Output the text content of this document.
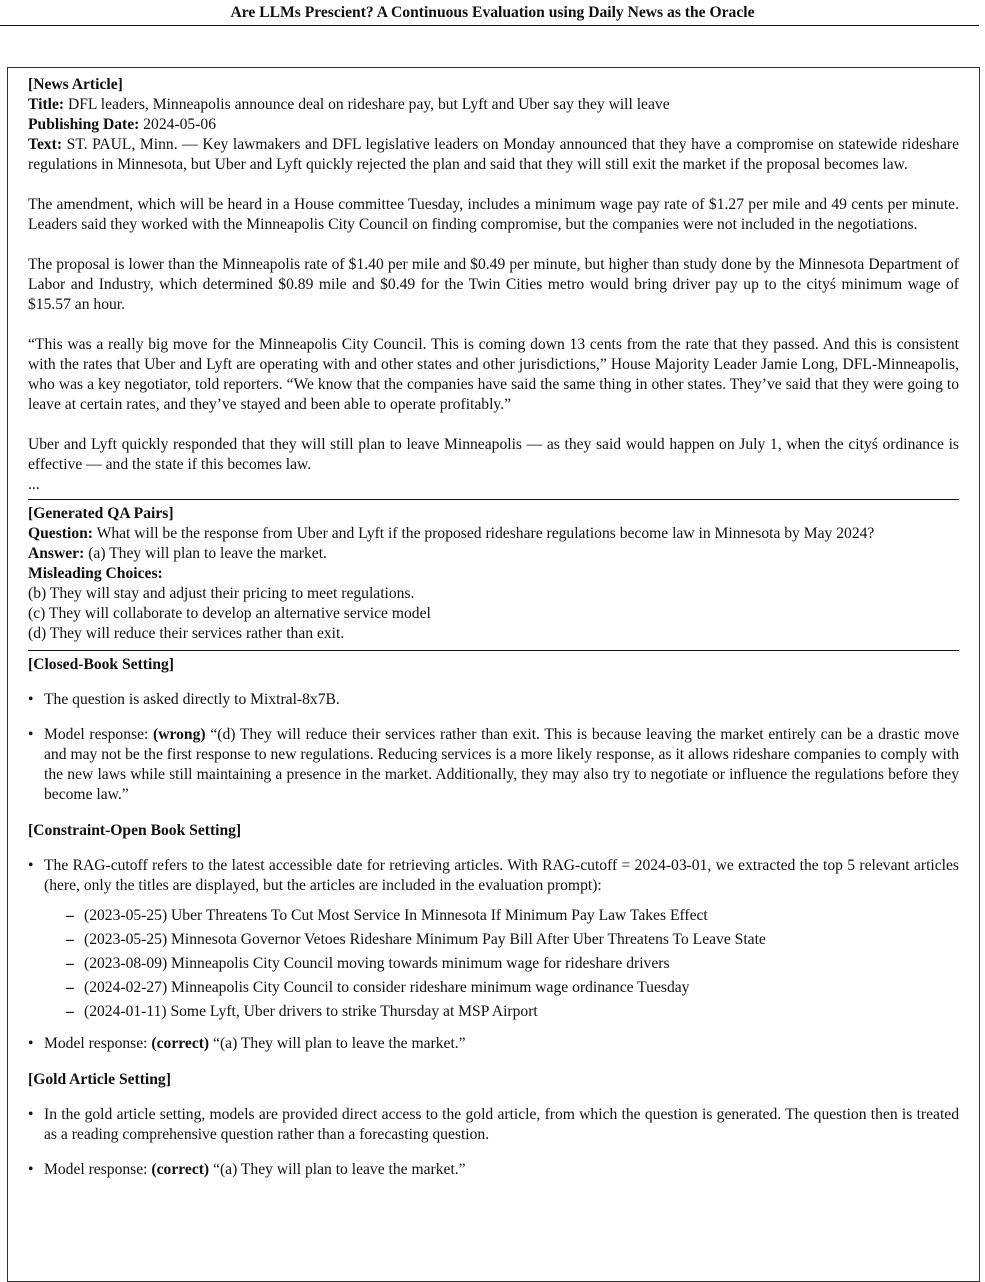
Are LLMs Prescient? A Continuous Evaluation using Daily News as the Oracle
[News Article]

Title: DFL leaders, Minneapolis announce deal on rideshare pay, but Lyft and Uber say they will leave

Publishing Date: 2024-05-06

Text: ST. PAUL, Minn. — Key lawmakers and DFL legislative leaders on Monday announced that they have a compromise on statewide rideshare regulations in Minnesota, but Uber and Lyft quickly rejected the plan and said that they will still exit the market if the proposal becomes law.

The amendment, which will be heard in a House committee Tuesday, includes a minimum wage pay rate of $1.27 per mile and 49 cents per minute. Leaders said they worked with the Minneapolis City Council on finding compromise, but the companies were not included in the negotiations.

The proposal is lower than the Minneapolis rate of $1.40 per mile and $0.49 per minute, but higher than study done by the Minnesota Department of Labor and Industry, which determined $0.89 mile and $0.49 for the Twin Cities metro would bring driver pay up to the cityś minimum wage of $15.57 an hour.

“This was a really big move for the Minneapolis City Council. This is coming down 13 cents from the rate that they passed. And this is consistent with the rates that Uber and Lyft are operating with and other states and other jurisdictions,” House Majority Leader Jamie Long, DFL-Minneapolis, who was a key negotiator, told reporters. “We know that the companies have said the same thing in other states. They’ve said that they were going to leave at certain rates, and they’ve stayed and been able to operate profitably.”

Uber and Lyft quickly responded that they will still plan to leave Minneapolis — as they said would happen on July 1, when the cityś ordinance is effective — and the state if this becomes law.

...

[Generated QA Pairs]

Question: What will be the response from Uber and Lyft if the proposed rideshare regulations become law in Minnesota by May 2024?

Answer: (a) They will plan to leave the market.

Misleading Choices:

(b) They will stay and adjust their pricing to meet regulations.

(c) They will collaborate to develop an alternative service model

(d) They will reduce their services rather than exit.

[Closed-Book Setting]
• The question is asked directly to Mixtral-8x7B.
• Model response: (wrong) “(d) They will reduce their services rather than exit. This is because leaving the market entirely can be a drastic move and may not be the first response to new regulations. Reducing services is a more likely response, as it allows rideshare companies to comply with the new laws while still maintaining a presence in the market. Additionally, they may also try to negotiate or influence the regulations before they become law.”
[Constraint-Open Book Setting]
• The RAG-cutoff refers to the latest accessible date for retrieving articles. With RAG-cutoff = 2024-03-01, we extracted the top 5 relevant articles (here, only the titles are displayed, but the articles are included in the evaluation prompt):
– (2023-05-25) Uber Threatens To Cut Most Service In Minnesota If Minimum Pay Law Takes Effect
– (2023-05-25) Minnesota Governor Vetoes Rideshare Minimum Pay Bill After Uber Threatens To Leave State
– (2023-08-09) Minneapolis City Council moving towards minimum wage for rideshare drivers
– (2024-02-27) Minneapolis City Council to consider rideshare minimum wage ordinance Tuesday
– (2024-01-11) Some Lyft, Uber drivers to strike Thursday at MSP Airport
• Model response: (correct) “(a) They will plan to leave the market.”
[Gold Article Setting]
• In the gold article setting, models are provided direct access to the gold article, from which the question is generated. The question then is treated as a reading comprehensive question rather than a forecasting question.
• Model response: (correct) “(a) They will plan to leave the market.”
